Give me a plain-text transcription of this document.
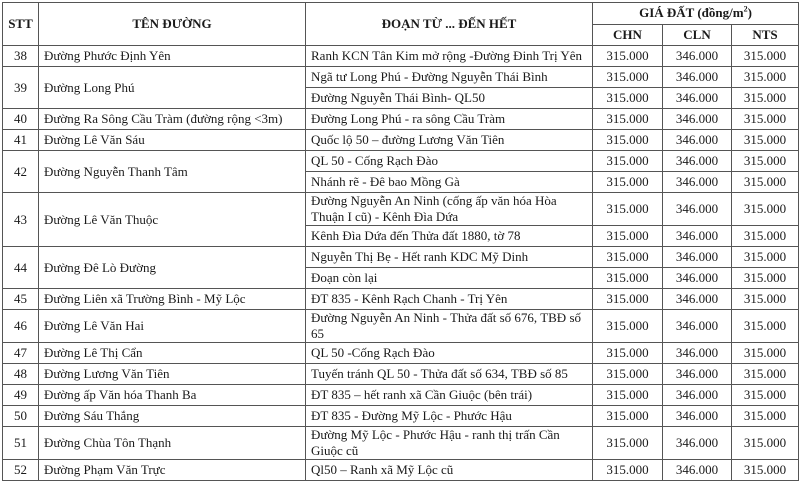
STT	TÊN ĐƯỜNG	ĐOẠN TỪ ... ĐẾN HẾT	GIÁ ĐẤT $(đồng/m^2)$		
			CHN	CLN	NTS
38	Đường Phước Định Yên	Ranh KCN Tân Kim mở rộng -Đường Đinh Trị Yên	315.000	346.000	315.000
39	Đường Long Phú	Ngã tư Long Phú - Đường Nguyễn Thái Bình	315.000	346.000	315.000
		Đường Nguyễn Thái Bình- QL50	315.000	346.000	315.000
40	Đường Ra Sông Cầu Tràm (đường rộng <3m)	Đường Long Phú - ra sông Cầu Tràm	315.000	346.000	315.000
41	Đường Lê Văn Sáu	Quốc lộ 50 – đường Lương Văn Tiên	315.000	346.000	315.000
42	Đường Nguyễn Thanh Tâm	QL 50 - Cống Rạch Đào	315.000	346.000	315.000
		Nhánh rẽ - Đê bao Mồng Gà	315.000	346.000	315.000
43	Đường Lê Văn Thuộc	Đường Nguyễn An Ninh (cống ấp văn hóa Hòa Thuận I cũ) - Kênh Đìa Dứa	315.000	346.000	315.000
		Kênh Đìa Dứa đến Thửa đất 1880, tờ 78	315.000	346.000	315.000
44	Đường Đê Lò Đường	Nguyễn Thị Bẹ - Hết ranh KDC Mỹ Dinh	315.000	346.000	315.000
		Đoạn còn lại	315.000	346.000	315.000
45	Đường Liên xã Trường Bình - Mỹ Lộc	ĐT 835 - Kênh Rạch Chanh - Trị Yên	315.000	346.000	315.000
46	Đường Lê Văn Hai	Đường Nguyễn An Ninh - Thửa đất số 676, TBĐ số 65	315.000	346.000	315.000
47	Đường Lê Thị Cẩn	QL 50 -Cống Rạch Đào	315.000	346.000	315.000
48	Đường Lương Văn Tiên	Tuyến tránh QL 50 - Thửa đất số 634, TBĐ số 85	315.000	346.000	315.000
49	Đường ấp Văn hóa Thanh Ba	ĐT 835 – hết ranh xã Cần Giuộc (bên trái)	315.000	346.000	315.000
50	Đường Sáu Thắng	ĐT 835 - Đường Mỹ Lộc - Phước Hậu	315.000	346.000	315.000
51	Đường Chùa Tôn Thạnh	Đường Mỹ Lộc - Phước Hậu - ranh thị trấn Cần Giuộc cũ	315.000	346.000	315.000
52	Đường Phạm Văn Trực	Ql50 – Ranh xã Mỹ Lộc cũ	315.000	346.000	315.000
